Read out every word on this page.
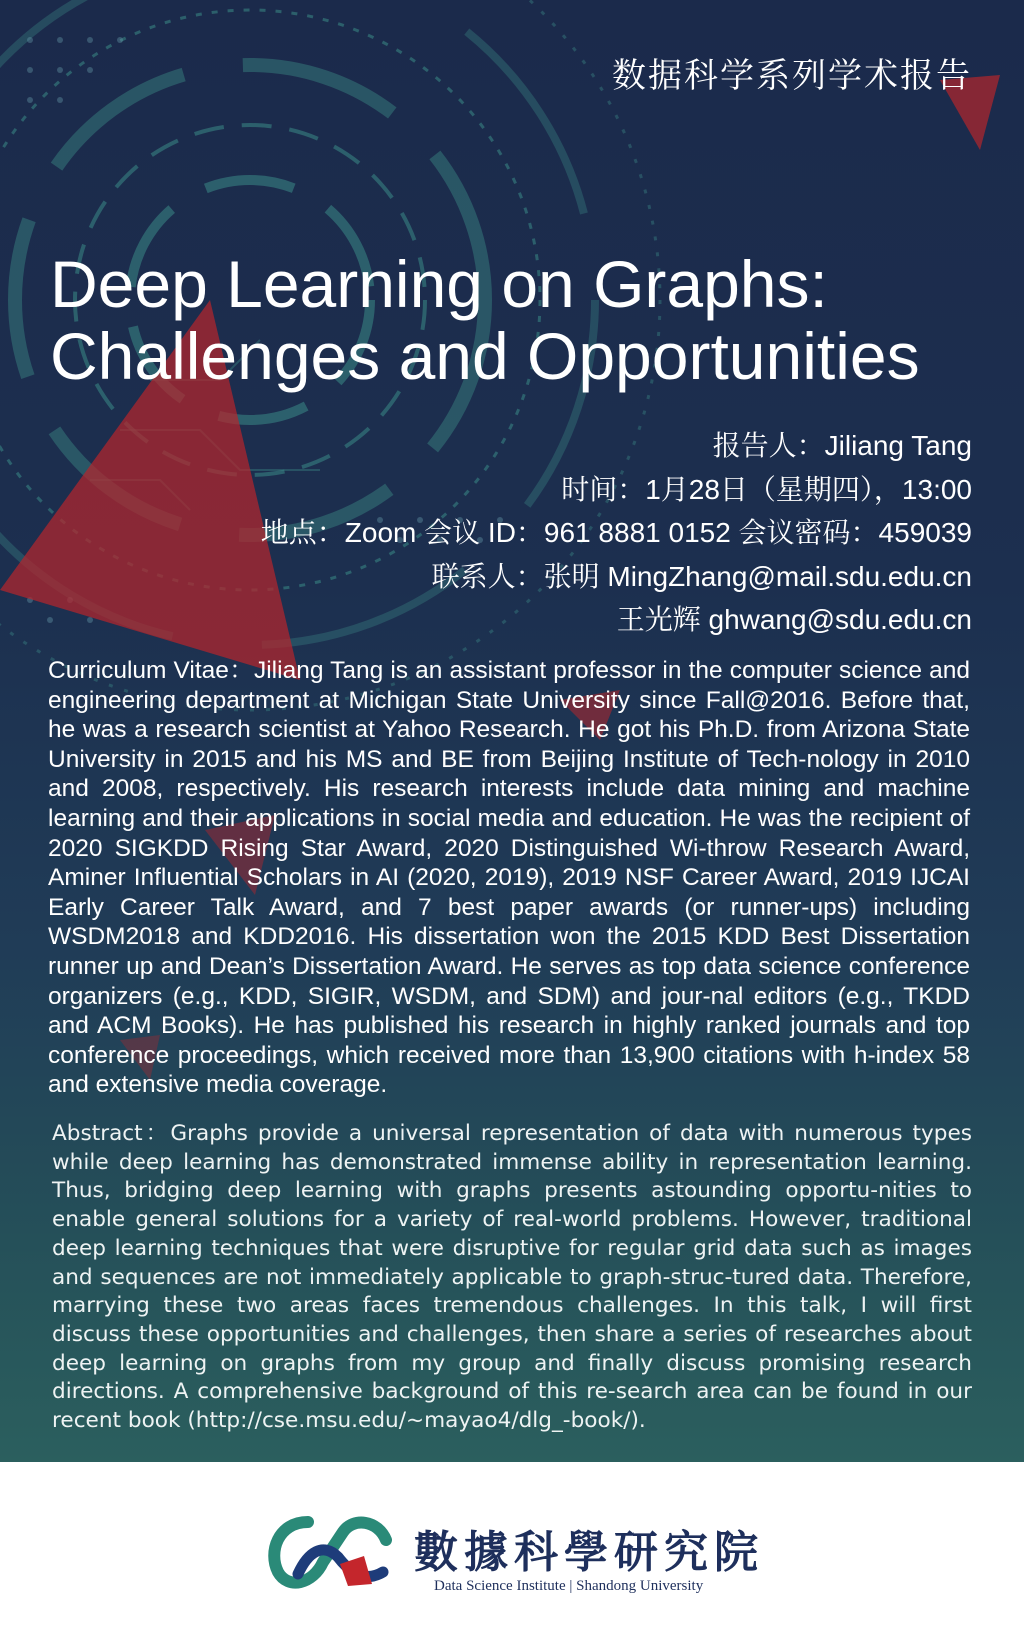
数据科学系列学术报告
Deep Learning on Graphs:
Challenges and Opportunities
报告人：Jiliang Tang
时间：1月28日（星期四），13:00
地点：Zoom 会议 ID：961 8881 0152 会议密码：459039
联系人：张明 MingZhang@mail.sdu.edu.cn
王光辉 ghwang@sdu.edu.cn

Curriculum Vitae：Jiliang Tang is an assistant professor in the computer science and engineering department at Michigan State University since Fall@2016. Before that, he was a research scientist at Yahoo Research. He got his Ph.D. from Arizona State University in 2015 and his MS and BE from Beijing Institute of Tech-nology in 2010 and 2008, respectively. His research interests include data mining and machine learning and their applications in social media and education. He was the recipient of 2020 SIGKDD Rising Star Award, 2020 Distinguished Wi-throw Research Award, Aminer Influential Scholars in AI (2020, 2019), 2019 NSF Career Award, 2019 IJCAI Early Career Talk Award, and 7 best paper awards (or runner-ups) including WSDM2018 and KDD2016. His dissertation won the 2015 KDD Best Dissertation runner up and Dean’s Dissertation Award. He serves as top data science conference organizers (e.g., KDD, SIGIR, WSDM, and SDM) and jour-nal editors (e.g., TKDD and ACM Books). He has published his research in highly ranked journals and top conference proceedings, which received more than 13,900 citations with h-index 58 and extensive media coverage.

Abstract：Graphs provide a universal representation of data with numerous types while deep learning has demonstrated immense ability in representation learning. Thus, bridging deep learning with graphs presents astounding opportu-nities to enable general solutions for a variety of real-world problems. However, traditional deep learning techniques that were disruptive for regular grid data such as images and sequences are not immediately applicable to graph-struc-tured data. Therefore, marrying these two areas faces tremendous challenges. In this talk, I will first discuss these opportunities and challenges, then share a series of researches about deep learning on graphs from my group and finally discuss promising research directions. A comprehensive background of this re-search area can be found in our recent book (http://cse.msu.edu/~mayao4/dlg_-book/).

數據科學研究院
Data Science Institute | Shandong University
